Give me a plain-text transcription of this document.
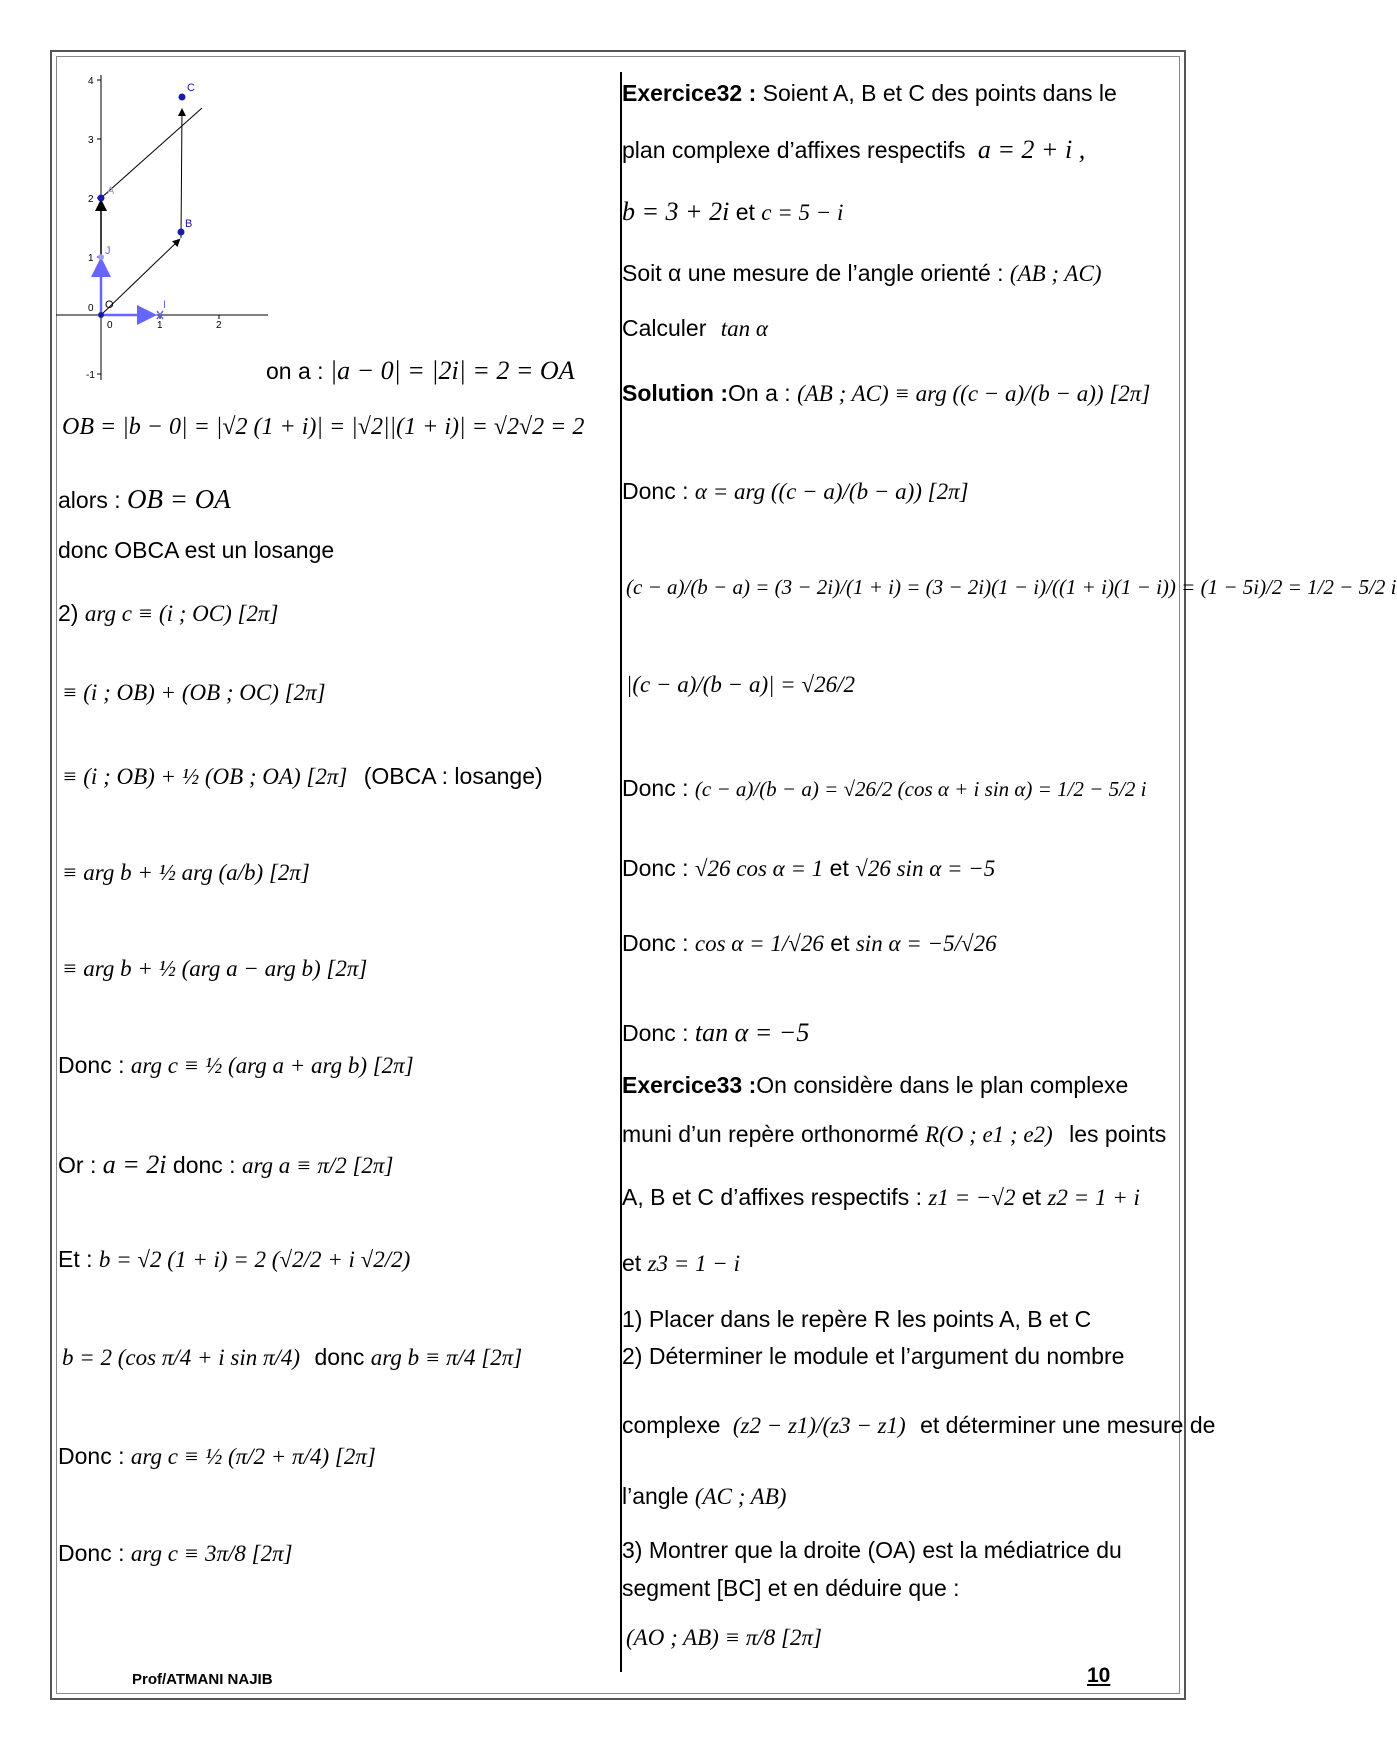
4
3
2
1
0
-1
0	1	2
C
A
B
J
O	I
on a : |a − 0| = |2i| = 2 = OA
OB = |b − 0| = |√2 (1 + i)| = |√2||(1 + i)| = √2√2 = 2
alors : OB = OA
donc OBCA est un losange
2) arg c ≡ (i ; OC) [2π]
≡ (i ; OB) + (OB ; OC) [2π]
≡ (i ; OB) + ½ (OB ; OA) [2π] (OBCA : losange)
≡ arg b + ½ arg (a/b) [2π]
≡ arg b + ½ (arg a − arg b) [2π]
Donc : arg c ≡ ½ (arg a + arg b) [2π]
Or : a = 2i donc : arg a ≡ π/2 [2π]
Et : b = √2 (1 + i) = 2 (√2/2 + i √2/2)
b = 2 (cos π/4 + i sin π/4) donc arg b ≡ π/4 [2π]
Donc : arg c ≡ ½ (π/2 + π/4) [2π]
Donc : arg c ≡ 3π/8 [2π]
Exercice32 : Soient A, B et C des points dans le
plan complexe d’affixes respectifs a = 2 + i ,
b = 3 + 2i et c = 5 − i
Soit α une mesure de l’angle orienté : (AB ; AC)
Calculer tan α
Solution :On a : (AB ; AC) ≡ arg ((c − a)/(b − a)) [2π]
Donc : α = arg ((c − a)/(b − a)) [2π]
(c − a)/(b − a) = (3 − 2i)/(1 + i) = (3 − 2i)(1 − i)/((1 + i)(1 − i)) = (1 − 5i)/2 = 1/2 − 5/2 i
|(c − a)/(b − a)| = √26/2
Donc : (c − a)/(b − a) = √26/2 (cos α + i sin α) = 1/2 − 5/2 i
Donc : √26 cos α = 1 et √26 sin α = −5
Donc : cos α = 1/√26 et sin α = −5/√26
Donc : tan α = −5
Exercice33 :On considère dans le plan complexe
muni d’un repère orthonormé R(O ; e1 ; e2) les points
A, B et C d’affixes respectifs : z1 = −√2 et z2 = 1 + i
et z3 = 1 − i
1) Placer dans le repère R les points A, B et C
2) Déterminer le module et l’argument du nombre
complexe (z2 − z1)/(z3 − z1) et déterminer une mesure de
l’angle (AC ; AB)
3) Montrer que la droite (OA) est la médiatrice du
segment [BC] et en déduire que :
(AO ; AB) ≡ π/8 [2π]
Prof/ATMANI NAJIB	10
